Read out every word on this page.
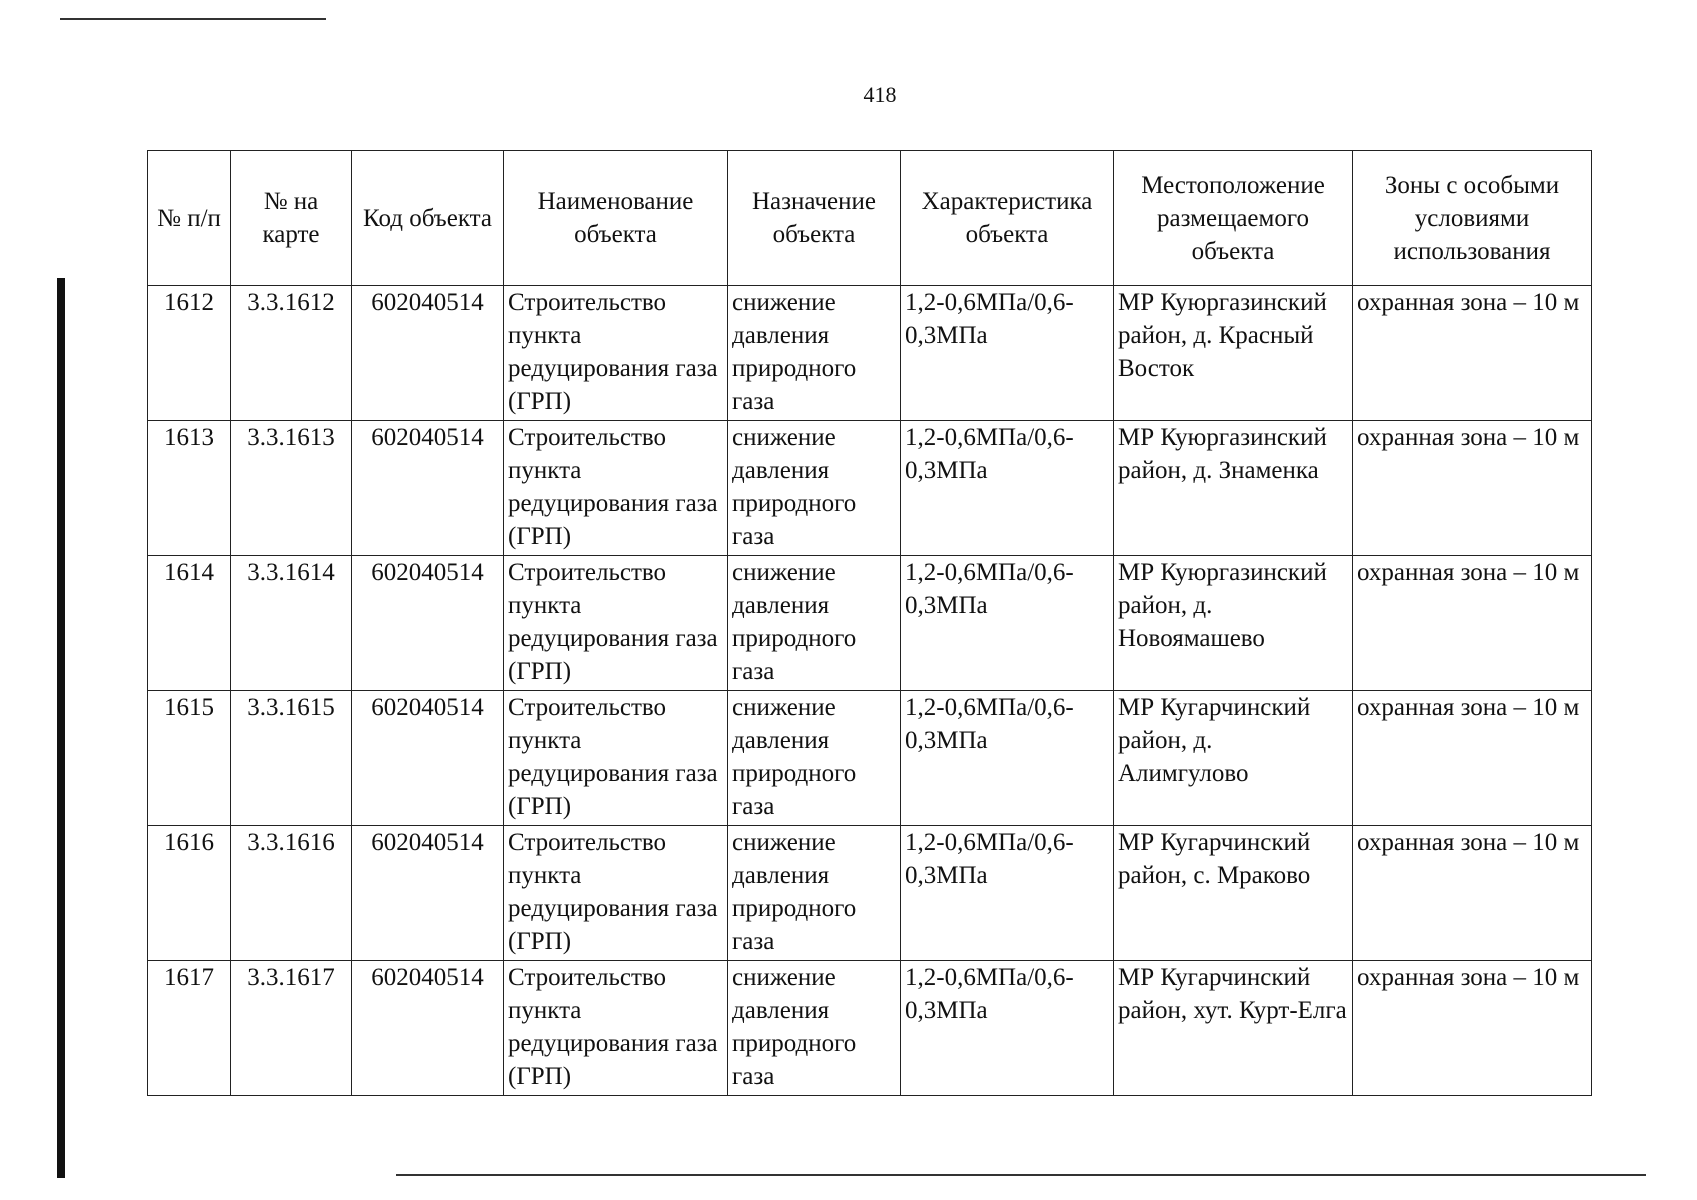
418
№ п/п	№ на карте	Код объекта	Наименование объекта	Назначение объекта	Характеристика объекта	Местоположение размещаемого объекта	Зоны с особыми условиями использования
1612	3.3.1612	602040514	Строительство пункта редуцирования газа (ГРП)	снижение давления природного газа	1,2-0,6МПа/0,6-0,3МПа	МР Куюргазинский район, д. Красный Восток	охранная зона – 10 м
1613	3.3.1613	602040514	Строительство пункта редуцирования газа (ГРП)	снижение давления природного газа	1,2-0,6МПа/0,6-0,3МПа	МР Куюргазинский район, д. Знаменка	охранная зона – 10 м
1614	3.3.1614	602040514	Строительство пункта редуцирования газа (ГРП)	снижение давления природного газа	1,2-0,6МПа/0,6-0,3МПа	МР Куюргазинский район, д. Новоямашево	охранная зона – 10 м
1615	3.3.1615	602040514	Строительство пункта редуцирования газа (ГРП)	снижение давления природного газа	1,2-0,6МПа/0,6-0,3МПа	МР Кугарчинский район, д. Алимгулово	охранная зона – 10 м
1616	3.3.1616	602040514	Строительство пункта редуцирования газа (ГРП)	снижение давления природного газа	1,2-0,6МПа/0,6-0,3МПа	МР Кугарчинский район, с. Мраково	охранная зона – 10 м
1617	3.3.1617	602040514	Строительство пункта редуцирования газа (ГРП)	снижение давления природного газа	1,2-0,6МПа/0,6-0,3МПа	МР Кугарчинский район, хут. Курт-Елга	охранная зона – 10 м
